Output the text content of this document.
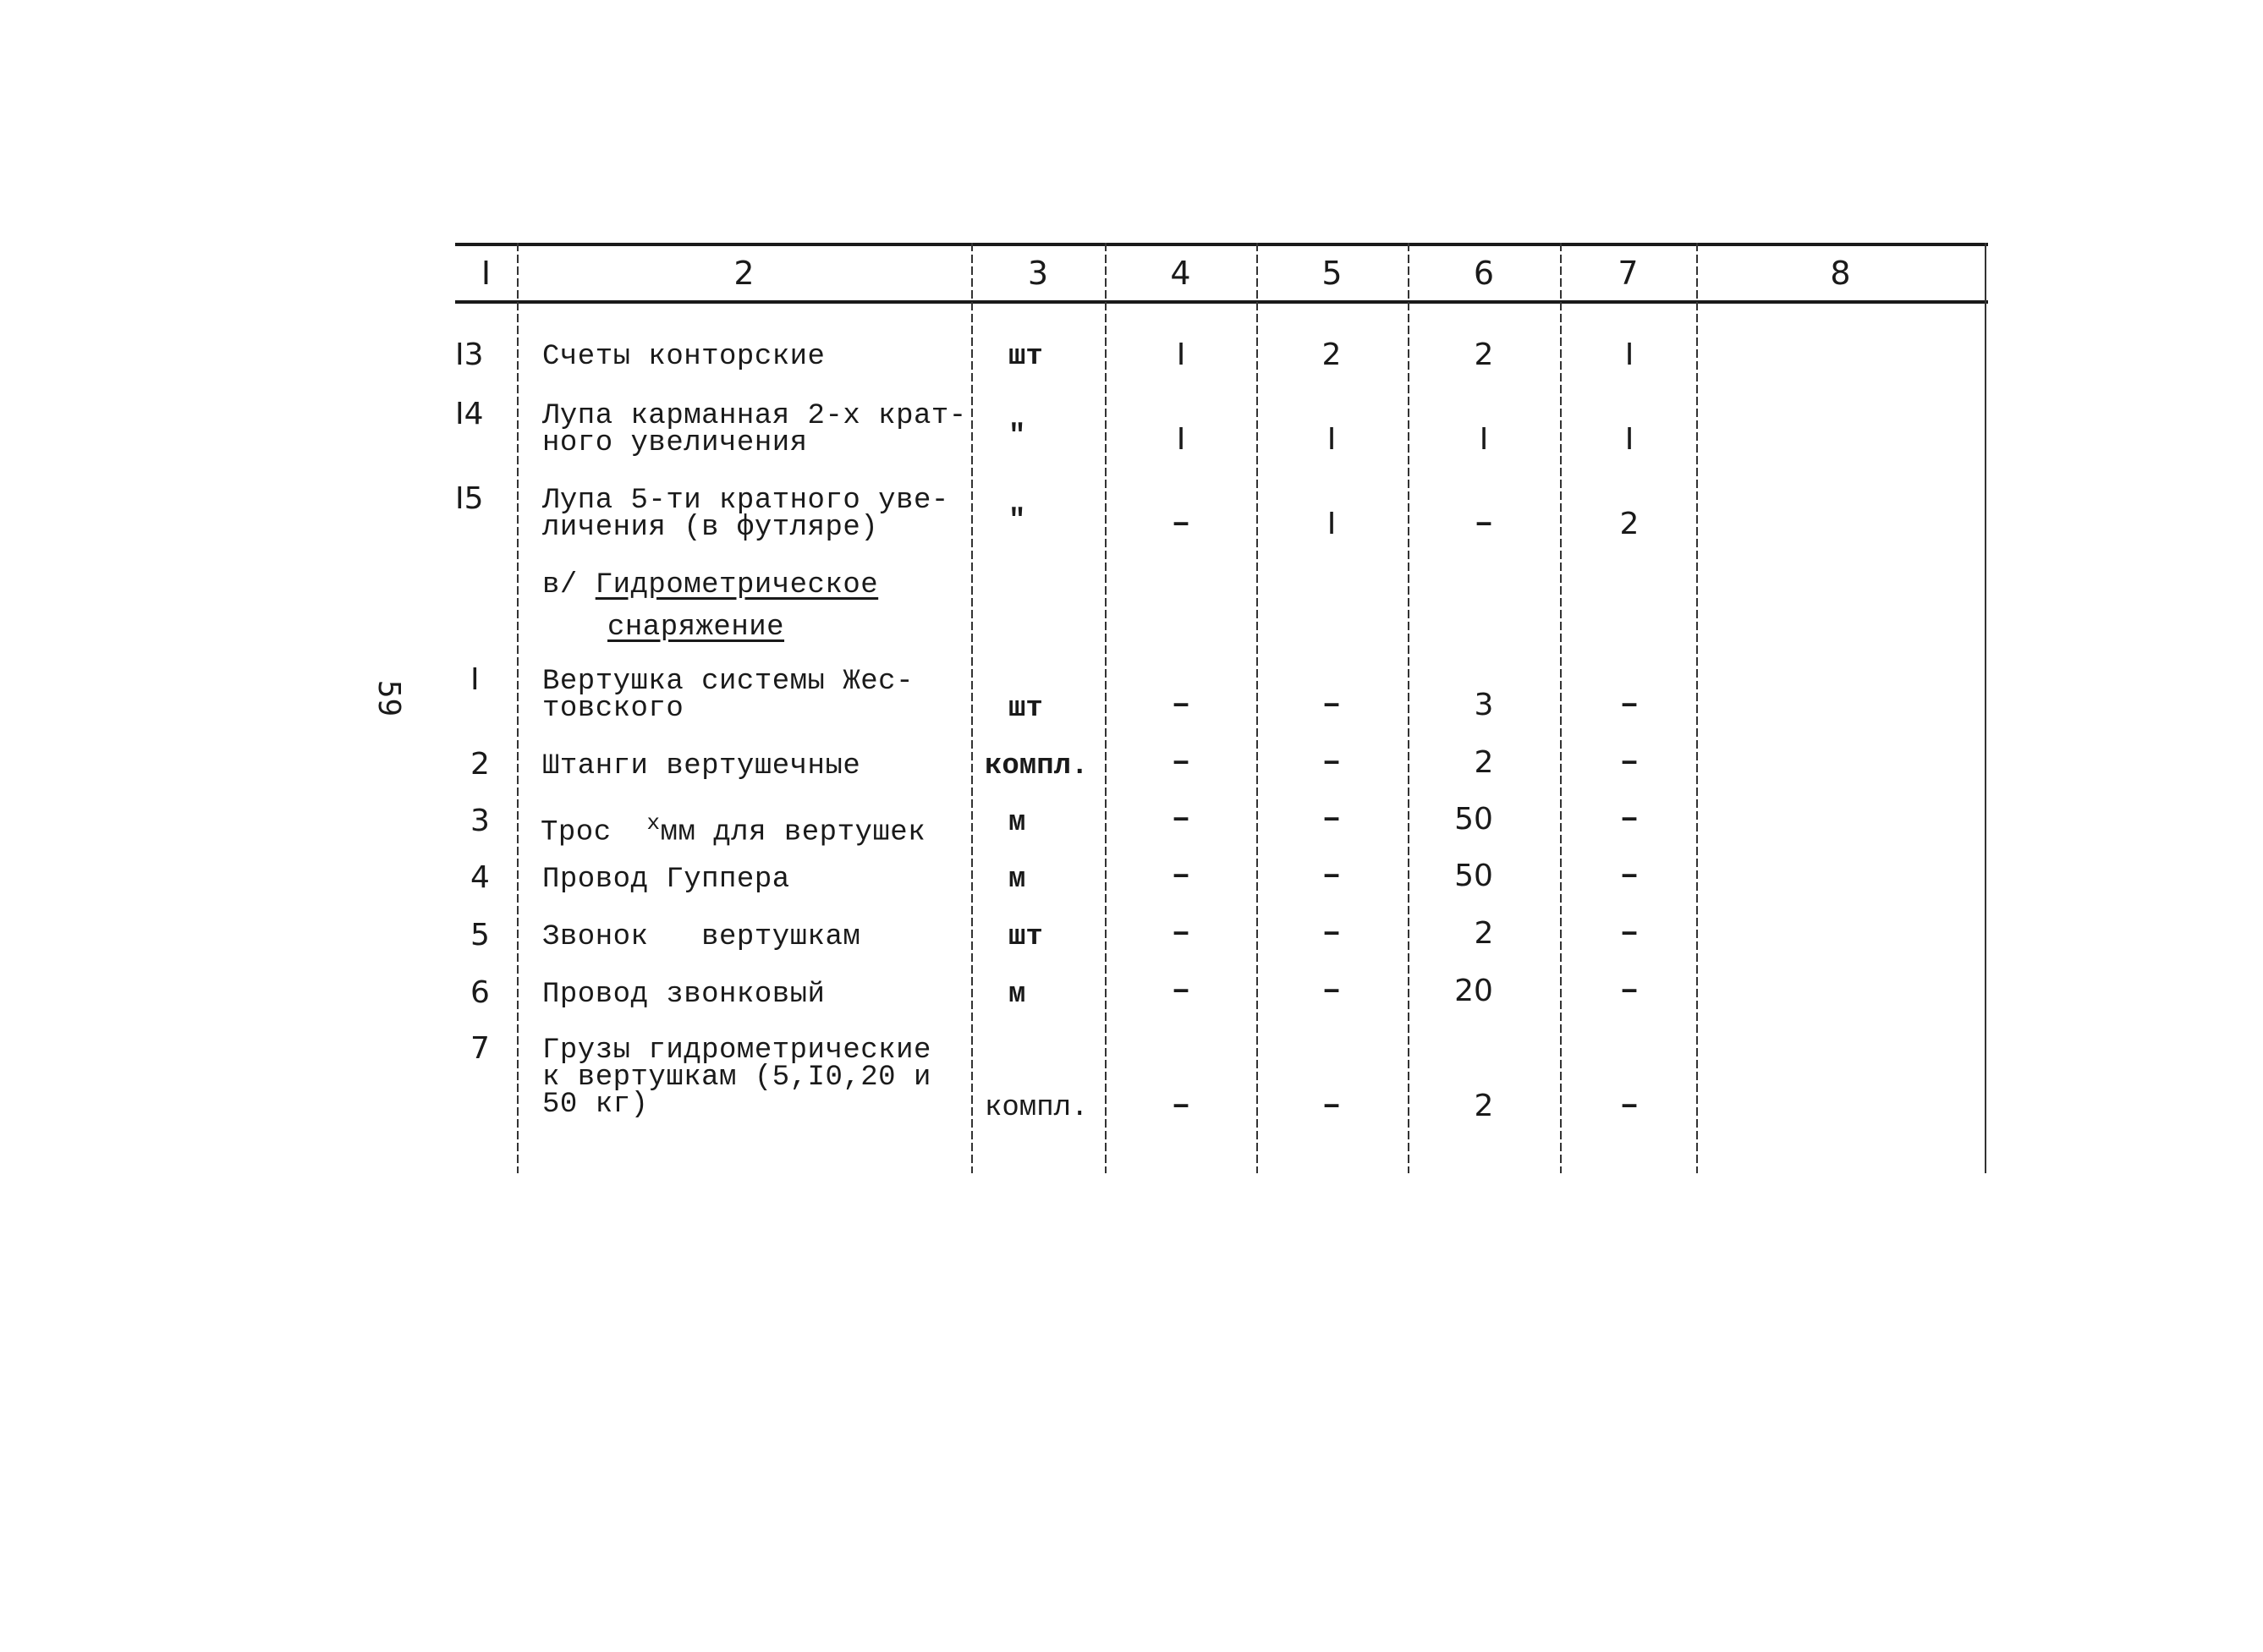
59
I	2	3	4	5	6	7	8
I3 Счеты конторские	шт	I	2	2	I
I4 Лупа карманная 2-х крат-
ного увеличения	"	I	I	I	I
I5 Лупа 5-ти кратного уве-
личения (в футляре)	"	–	I	–	2
в/ Гидрометрическое
снаряжение
I Вертушка системы Жес-
товского	шт	–	–	3	–
2 Штанги вертушечные	компл.	–	–	2	–
3 Трос $^x$мм для вертушек	м	–	–	50	–
4 Провод Гуппера	м	–	–	50	–
5 Звонок   вертушкам	шт	–	–	2	–
6 Провод звонковый	м	–	–	20	–
7 Грузы гидрометрические
к вертушкам (5,I0,20 и
50 кг)	компл.	–	–	2	–
